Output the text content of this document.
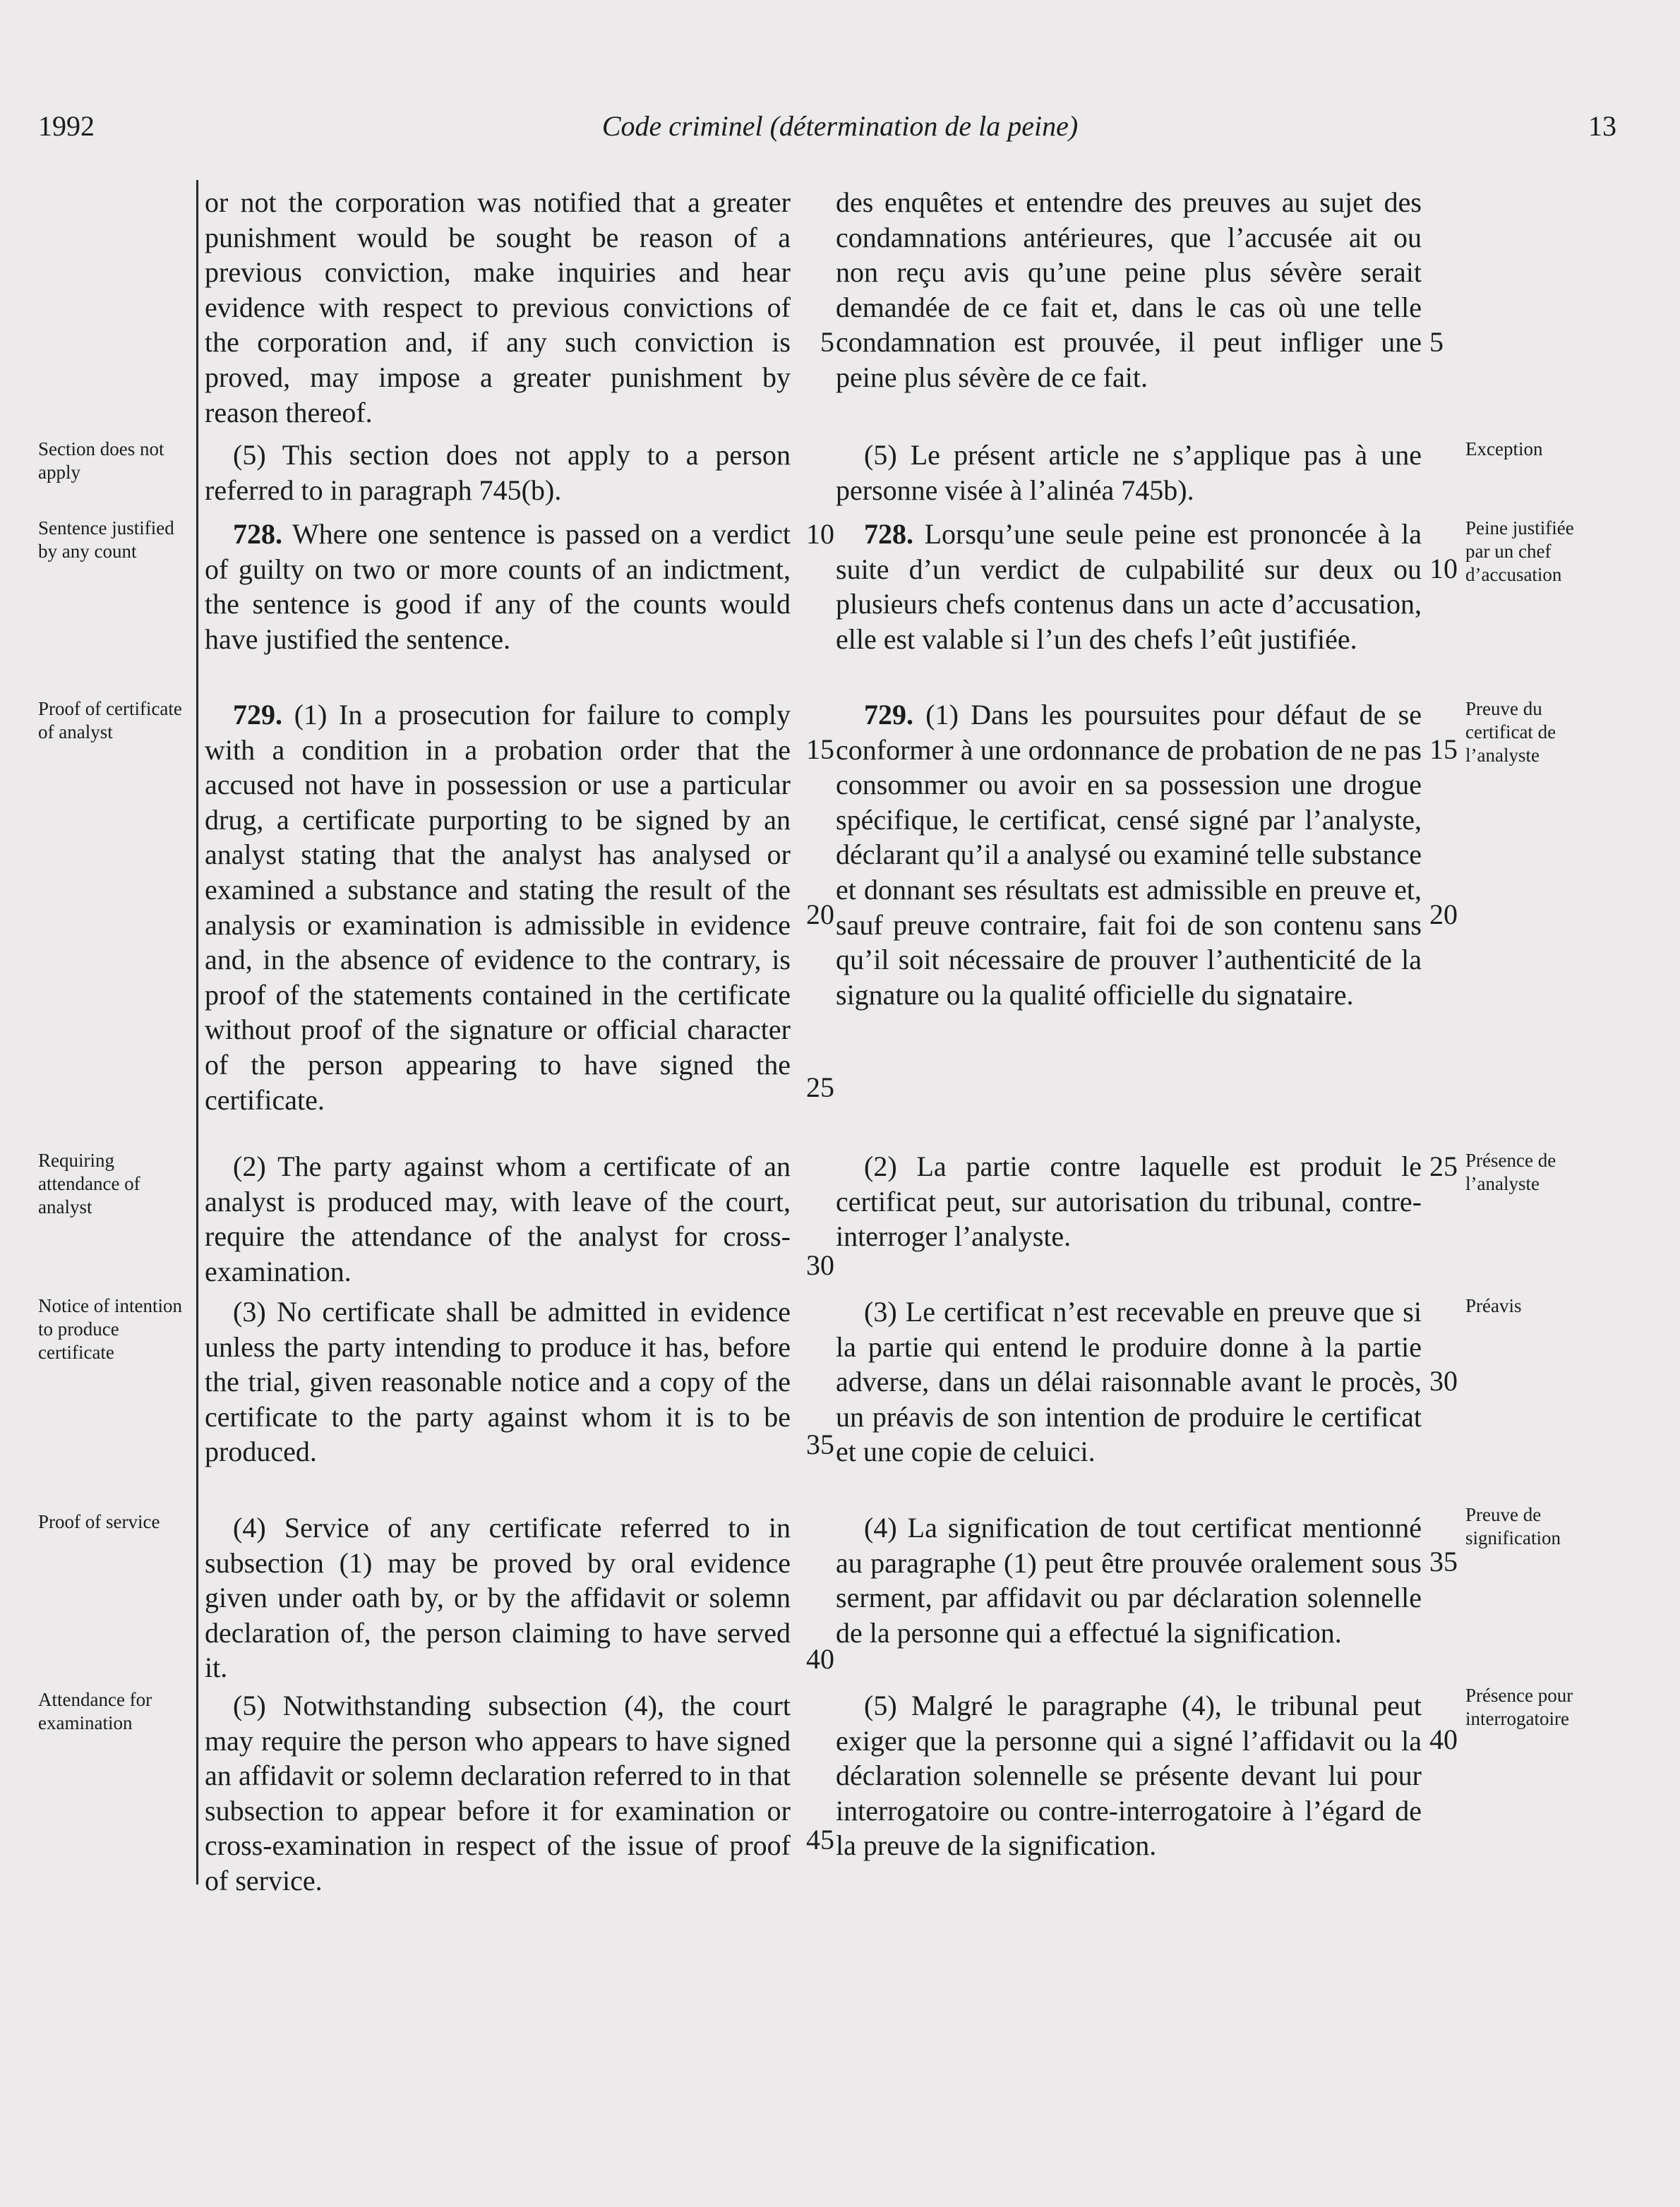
1992	Code criminel (détermination de la peine)	13
Section does not apply
Sentence justified by any count
Proof of certificate of analyst
Requiring attendance of analyst
Notice of intention to produce certificate
Proof of service
Attendance for examination

or not the corporation was notified that a greater punishment would be sought be reason of a previous conviction, make inquiries and hear evidence with respect to previous convictions of the corporation and, if any such conviction is proved, may impose a greater punishment by reason thereof.

(5) This section does not apply to a person referred to in paragraph 745(b).

728. Where one sentence is passed on a verdict of guilty on two or more counts of an indictment, the sentence is good if any of the counts would have justified the sentence.

729. (1) In a prosecution for failure to comply with a condition in a probation order that the accused not have in possession or use a particular drug, a certificate purporting to be signed by an analyst stating that the analyst has analysed or examined a substance and stating the result of the analysis or examination is admissible in evidence and, in the absence of evidence to the contrary, is proof of the statements contained in the certificate without proof of the signature or official character of the person appearing to have signed the certificate.

(2) The party against whom a certificate of an analyst is produced may, with leave of the court, require the attendance of the analyst for cross-examination.

(3) No certificate shall be admitted in evidence unless the party intending to produce it has, before the trial, given reasonable notice and a copy of the certificate to the party against whom it is to be produced.

(4) Service of any certificate referred to in subsection (1) may be proved by oral evidence given under oath by, or by the affidavit or solemn declaration of, the person claiming to have served it.

(5) Notwithstanding subsection (4), the court may require the person who appears to have signed an affidavit or solemn declaration referred to in that subsection to appear before it for examination or cross-examination in respect of the issue of proof of service.

5
10
15
20
25
30
35
40
45

des enquêtes et entendre des preuves au sujet des condamnations antérieures, que l’accusée ait ou non reçu avis qu’une peine plus sévère serait demandée de ce fait et, dans le cas où une telle condamnation est prouvée, il peut infliger une peine plus sévère de ce fait.

(5) Le présent article ne s’applique pas à une personne visée à l’alinéa 745b).

728. Lorsqu’une seule peine est prononcée à la suite d’un verdict de culpabilité sur deux ou plusieurs chefs contenus dans un acte d’accusation, elle est valable si l’un des chefs l’eût justifiée.

729. (1) Dans les poursuites pour défaut de se conformer à une ordonnance de probation de ne pas consommer ou avoir en sa possession une drogue spécifique, le certificat, censé signé par l’analyste, déclarant qu’il a analysé ou examiné telle substance et donnant ses résultats est admissible en preuve et, sauf preuve contraire, fait foi de son contenu sans qu’il soit nécessaire de prouver l’authenticité de la signature ou la qualité officielle du signataire.

(2) La partie contre laquelle est produit le certificat peut, sur autorisation du tribunal, contre-interroger l’analyste.

(3) Le certificat n’est recevable en preuve que si la partie qui entend le produire donne à la partie adverse, dans un délai raisonnable avant le procès, un préavis de son intention de produire le certificat et une copie de celuici.

(4) La signification de tout certificat mentionné au paragraphe (1) peut être prouvée oralement sous serment, par affidavit ou par déclaration solennelle de la personne qui a effectué la signification.

(5) Malgré le paragraphe (4), le tribunal peut exiger que la personne qui a signé l’affidavit ou la déclaration solennelle se présente devant lui pour interrogatoire ou contre-interrogatoire à l’égard de la preuve de la signification.

5
10
15
20
25
30
35
40
Exception
Peine justifiée par un chef d’accusation
Preuve du certificat de l’analyste
Présence de l’analyste
Préavis
Preuve de signification
Présence pour interrogatoire
